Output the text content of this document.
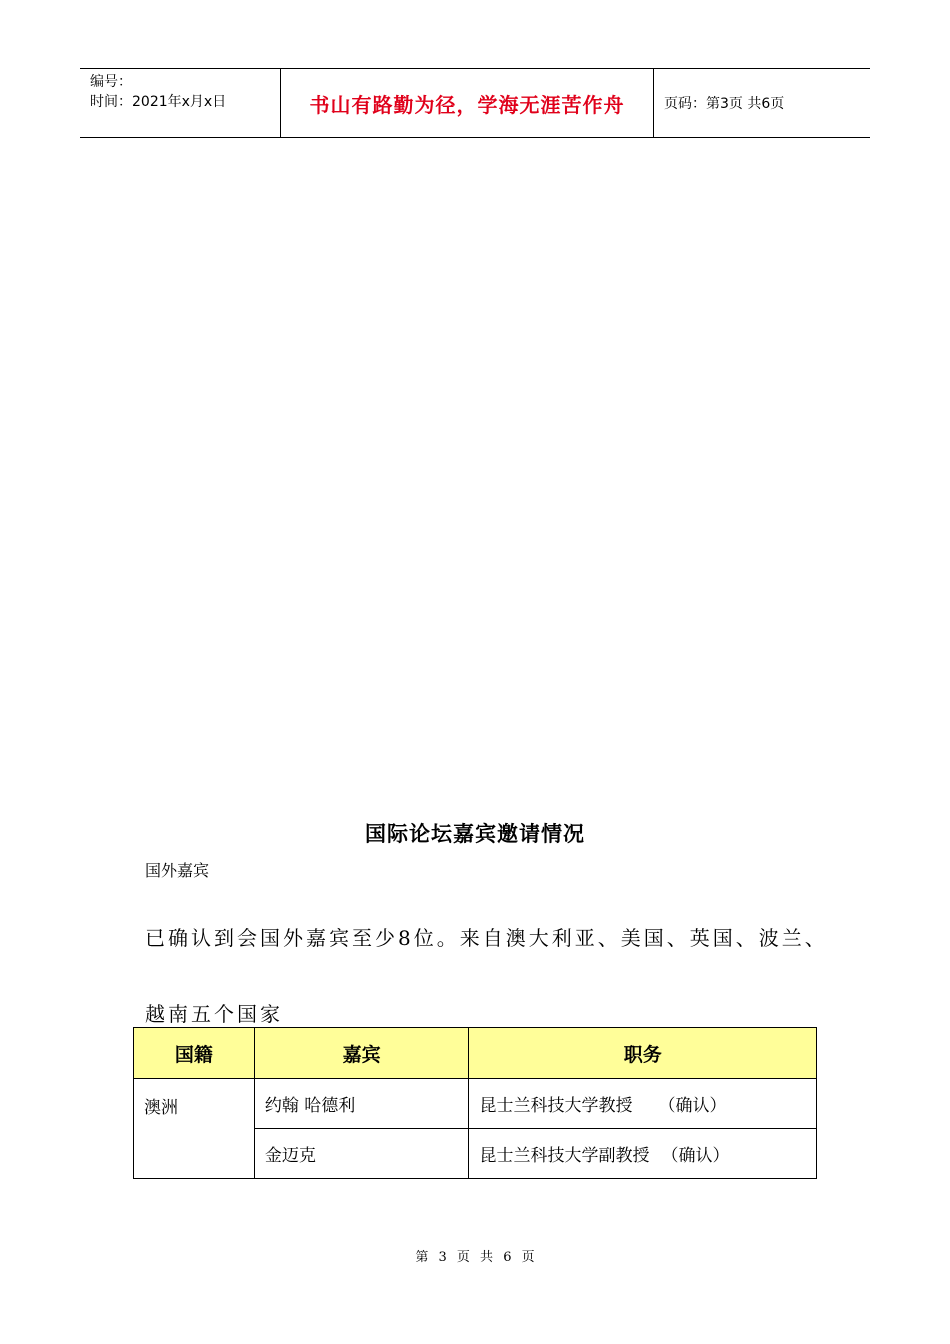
编号：
时间：2021年x月x日	书山有路勤为径，学海无涯苦作舟	页码：第3页 共6页
国际论坛嘉宾邀请情况
国外嘉宾
已确认到会国外嘉宾至少8位。来自澳大利亚、美国、英国、波兰、越南五个国家
国籍	嘉宾	职务
澳洲	约翰 哈德利	昆士兰科技大学教授 （确认）
	金迈克	昆士兰科技大学副教授 （确认）
第 3 页 共 6 页
